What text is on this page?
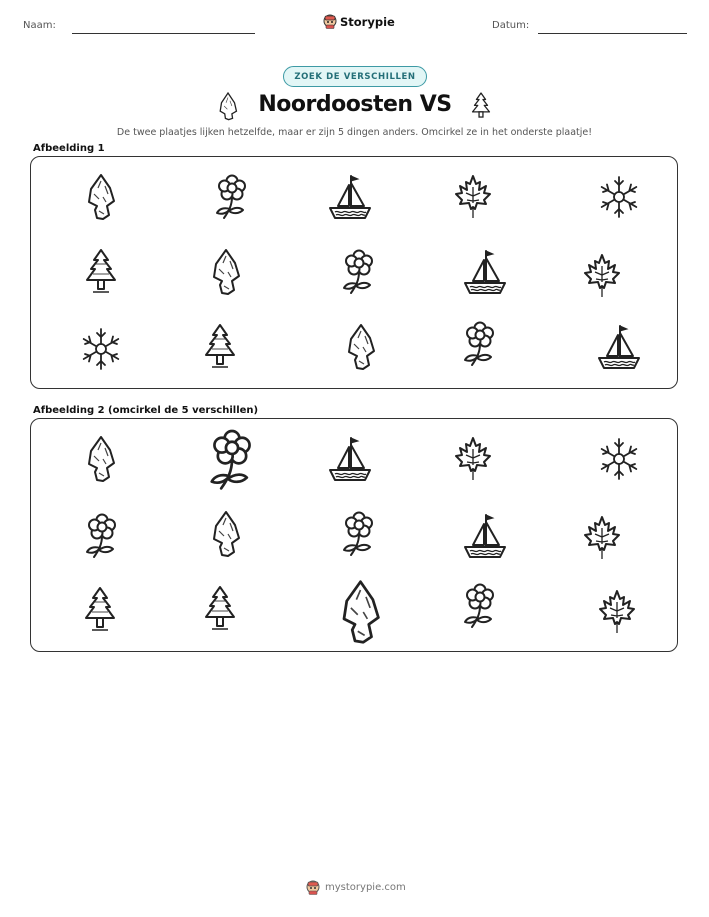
Naam:	Storypie	Datum:
ZOEK DE VERSCHILLEN
Noordoosten VS
De twee plaatjes lijken hetzelfde, maar er zijn 5 dingen anders. Omcirkel ze in het onderste plaatje!
Afbeelding 1
Afbeelding 2 (omcirkel de 5 verschillen)
mystorypie.com
